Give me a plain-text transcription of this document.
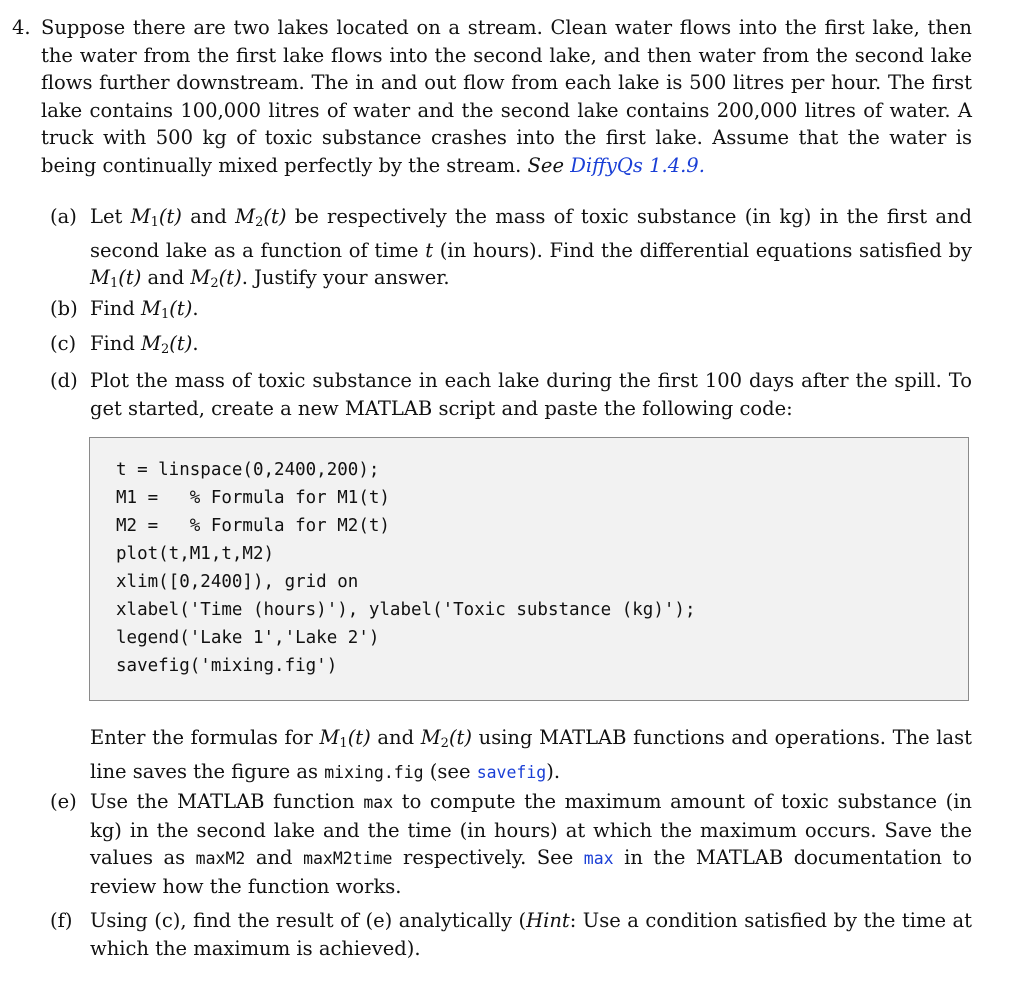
4. Suppose there are two lakes located on a stream. Clean water flows into the first lake, then the water from the first lake flows into the second lake, and then water from the second lake flows further downstream. The in and out flow from each lake is 500 litres per hour. The first lake contains 100,000 litres of water and the second lake contains 200,000 litres of water. A truck with 500 kg of toxic substance crashes into the first lake. Assume that the water is being continually mixed perfectly by the stream. See DiffyQs 1.4.9.
(a) Let $M_1(t)$ and $M_2(t)$ be respectively the mass of toxic substance (in kg) in the first and second lake as a function of time t (in hours). Find the differential equations satisfied by $M_1(t)$ and $M_2(t)$. Justify your answer.
(b) Find $M_1(t)$.
(c) Find $M_2(t)$.
(d) Plot the mass of toxic substance in each lake during the first 100 days after the spill. To get started, create a new MATLAB script and paste the following code:
t = linspace(0,2400,200);
M1 =   % Formula for M1(t)
M2 =   % Formula for M2(t)
plot(t,M1,t,M2)
xlim([0,2400]), grid on
xlabel('Time (hours)'), ylabel('Toxic substance (kg)');
legend('Lake 1','Lake 2')
savefig('mixing.fig')
Enter the formulas for $M_1(t)$ and $M_2(t)$ using MATLAB functions and operations. The last line saves the figure as mixing.fig (see savefig).
(e) Use the MATLAB function max to compute the maximum amount of toxic substance (in kg) in the second lake and the time (in hours) at which the maximum occurs. Save the values as maxM2 and maxM2time respectively. See max in the MATLAB documentation to review how the function works.
(f) Using (c), find the result of (e) analytically (Hint: Use a condition satisfied by the time at which the maximum is achieved).
